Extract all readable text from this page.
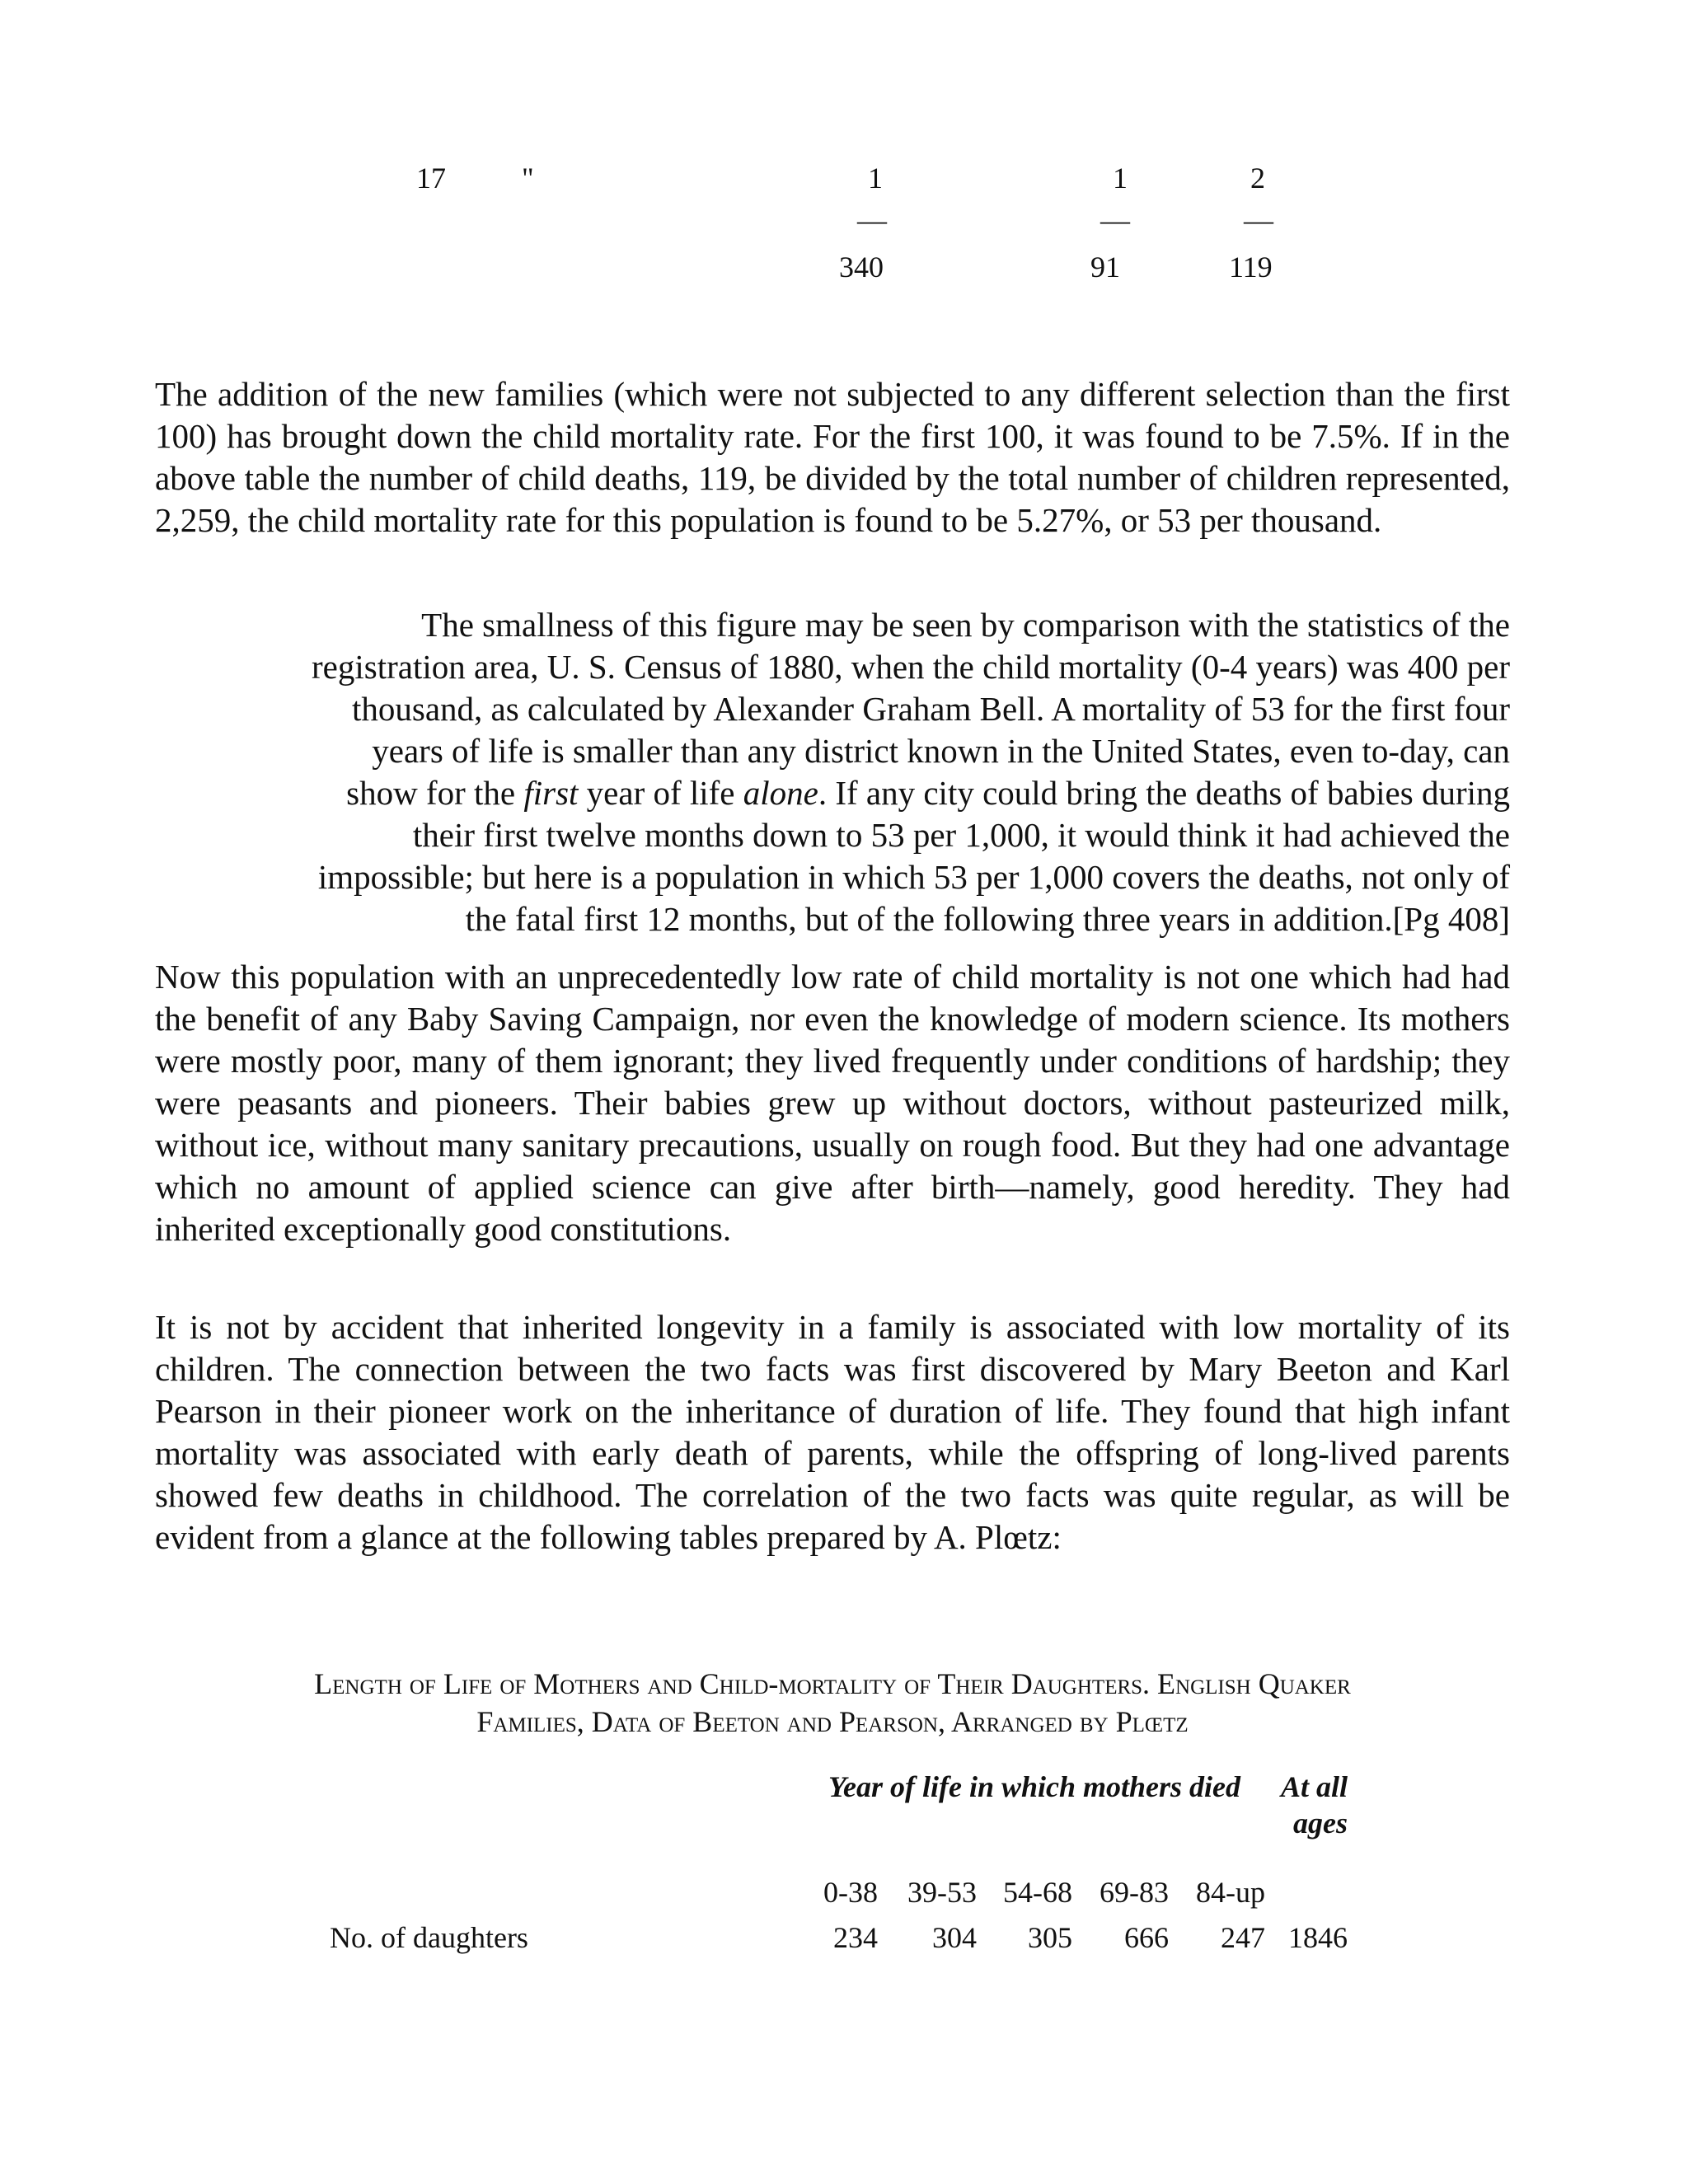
17	"	1	1	2
—	—	—
340	91	119

The addition of the new families (which were not subjected to any different selection than the first 100) has brought down the child mortality rate. For the first 100, it was found to be 7.5%. If in the above table the number of child deaths, 119, be divided by the total number of children represented, 2,259, the child mortality rate for this population is found to be 5.27%, or 53 per thousand.

The smallness of this figure may be seen by comparison with the statistics of the
registration area, U. S. Census of 1880, when the child mortality (0-4 years) was 400 per
thousand, as calculated by Alexander Graham Bell. A mortality of 53 for the first four
years of life is smaller than any district known in the United States, even to-day, can
show for the first year of life alone. If any city could bring the deaths of babies during
their first twelve months down to 53 per 1,000, it would think it had achieved the
impossible; but here is a population in which 53 per 1,000 covers the deaths, not only of
the fatal first 12 months, but of the following three years in addition.[Pg 408]

Now this population with an unprecedentedly low rate of child mortality is not one which had had the benefit of any Baby Saving Campaign, nor even the knowledge of modern science. Its mothers were mostly poor, many of them ignorant; they lived frequently under conditions of hardship; they were peasants and pioneers. Their babies grew up without doctors, without pasteurized milk, without ice, without many sanitary precautions, usually on rough food. But they had one advantage which no amount of applied science can give after birth—namely, good heredity. They had inherited exceptionally good constitutions.

It is not by accident that inherited longevity in a family is associated with low mortality of its children. The connection between the two facts was first discovered by Mary Beeton and Karl Pearson in their pioneer work on the inheritance of duration of life. They found that high infant mortality was associated with early death of parents, while the offspring of long-lived parents showed few deaths in childhood. The correlation of the two facts was quite regular, as will be evident from a glance at the following tables prepared by A. Plœtz:

Length of Life of Mothers and Child-mortality of Their Daughters. English Quaker
Families, Data of Beeton and Pearson, Arranged by Plœtz
Year of life in which mothers died At all ages
0-38	39-53 54-68 69-83 84-up
No. of daughters	234	304	305	666	247 1846
